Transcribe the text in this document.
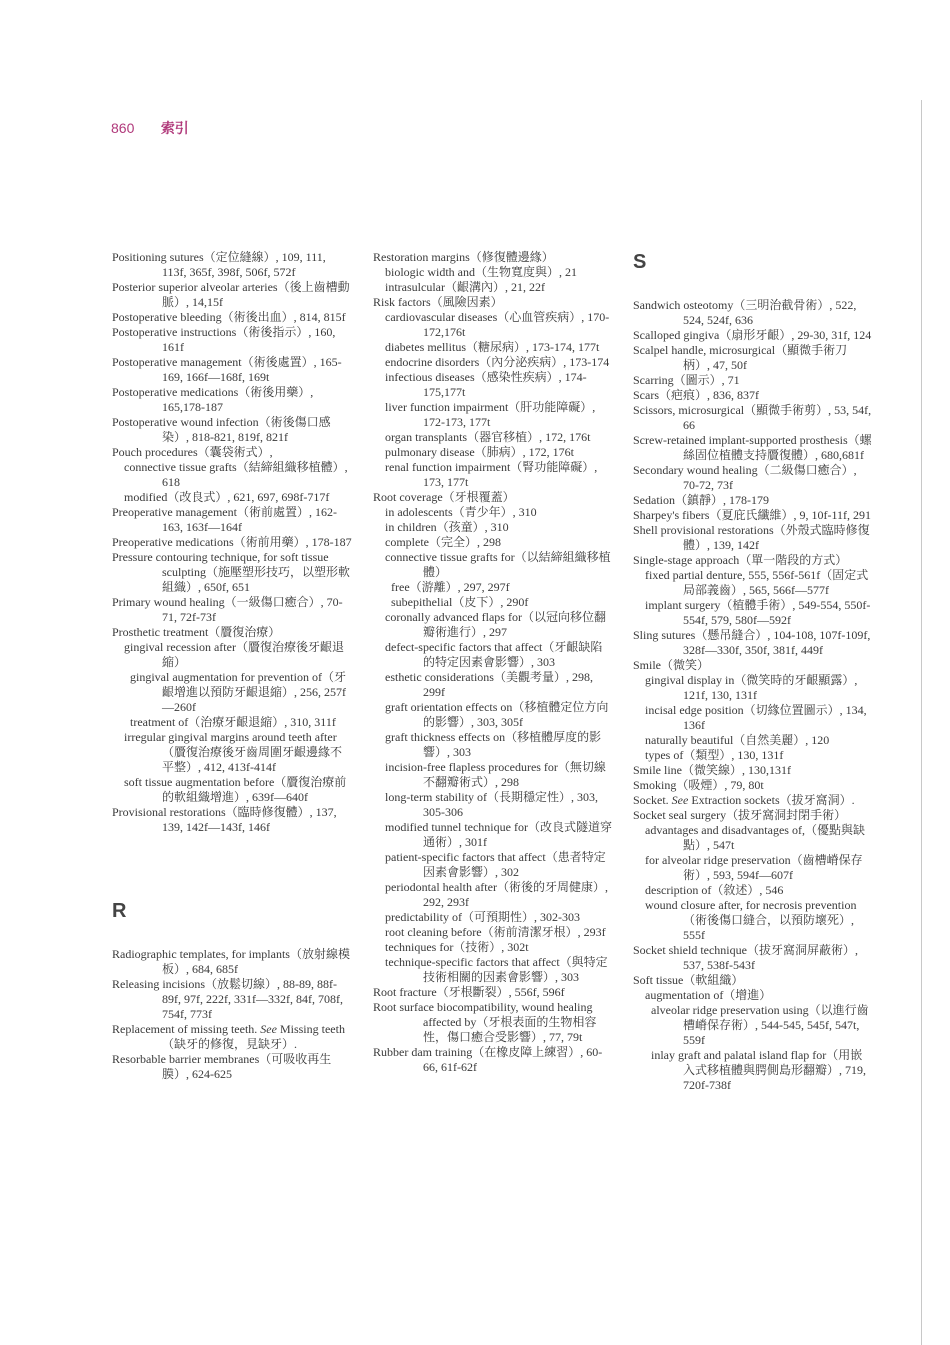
860 索引

Positioning sutures（定位縫線）, 109, 111, 113f, 365f, 398f, 506f, 572f

Posterior superior alveolar arteries（後上齒槽動脈）, 14,15f

Postoperative bleeding（術後出血）, 814, 815f

Postoperative instructions（術後指示）, 160, 161f

Postoperative management（術後處置）, 165-169, 166f—168f, 169t

Postoperative medications（術後用藥）, 165,178-187

Postoperative wound infection（術後傷口感染）, 818-821, 819f, 821f

Pouch procedures（囊袋術式）,

connective tissue grafts（結締組織移植體）, 618

modified（改良式）, 621, 697, 698f-717f

Preoperative management（術前處置）, 162-163, 163f—164f

Preoperative medications（術前用藥）, 178-187

Pressure contouring technique, for soft tissue sculpting（施壓塑形技巧，以塑形軟組織）, 650f, 651

Primary wound healing（一級傷口癒合）, 70-71, 72f-73f

Prosthetic treatment（贗復治療）

gingival recession after（贗復治療後牙齦退縮）

gingival augmentation for prevention of（牙齦增進以預防牙齦退縮）, 256, 257f—260f

treatment of（治療牙齦退縮）, 310, 311f

irregular gingival margins around teeth after（贗復治療後牙齒周圍牙齦邊緣不平整）, 412, 413f-414f

soft tissue augmentation before（贗復治療前的軟組織增進）, 639f—640f

Provisional restorations（臨時修復體）, 137, 139, 142f—143f, 146f

R

Radiographic templates, for implants（放射線模板）, 684, 685f

Releasing incisions（放鬆切線）, 88-89, 88f-89f, 97f, 222f, 331f—332f, 84f, 708f, 754f, 773f

Replacement of missing teeth. See Missing teeth（缺牙的修復，見缺牙）.

Resorbable barrier membranes（可吸收再生膜）, 624-625

Restoration margins（修復體邊緣）

biologic width and（生物寬度與）, 21

intrasulcular（齦溝內）, 21, 22f

Risk factors（風險因素）

cardiovascular diseases（心血管疾病）, 170-172,176t

diabetes mellitus（糖尿病）, 173-174, 177t

endocrine disorders（內分泌疾病）, 173-174

infectious diseases（感染性疾病）, 174-175,177t

liver function impairment（肝功能障礙）, 172-173, 177t

organ transplants（器官移植）, 172, 176t

pulmonary disease（肺病）, 172, 176t

renal function impairment（腎功能障礙）, 173, 177t

Root coverage（牙根覆蓋）

in adolescents（青少年）, 310

in children（孩童）, 310

complete（完全）, 298

connective tissue grafts for（以結締組織移植體）

free（游離）, 297, 297f

subepithelial（皮下）, 290f

coronally advanced flaps for（以冠向移位翻瓣術進行）, 297

defect-specific factors that affect（牙齦缺陷的特定因素會影響）, 303

esthetic considerations（美觀考量）, 298, 299f

graft orientation effects on（移植體定位方向的影響）, 303, 305f

graft thickness effects on（移植體厚度的影響）, 303

incision-free flapless procedures for（無切線不翻瓣術式）, 298

long-term stability of（長期穩定性）, 303, 305-306

modified tunnel technique for（改良式隧道穿通術）, 301f

patient-specific factors that affect（患者特定因素會影響）, 302

periodontal health after（術後的牙周健康）, 292, 293f

predictability of（可預期性）, 302-303

root cleaning before（術前清潔牙根）, 293f

techniques for（技術）, 302t

technique-specific factors that affect（與特定技術相關的因素會影響）, 303

Root fracture（牙根斷裂）, 556f, 596f

Root surface biocompatibility, wound healing affected by（牙根表面的生物相容性，傷口癒合受影響）, 77, 79t

Rubber dam training（在橡皮障上練習）, 60-66, 61f-62f

S

Sandwich osteotomy（三明治截骨術）, 522, 524, 524f, 636

Scalloped gingiva（扇形牙齦）, 29-30, 31f, 124

Scalpel handle, microsurgical（顯微手術刀柄）, 47, 50f

Scarring（圖示）, 71

Scars（疤痕）, 836, 837f

Scissors, microsurgical（顯微手術剪）, 53, 54f, 66

Screw-retained implant-supported prosthesis（螺絲固位植體支持贗復體）, 680,681f

Secondary wound healing（二級傷口癒合）, 70-72, 73f

Sedation（鎮靜）, 178-179

Sharpey's fibers（夏庇氏纖維）, 9, 10f-11f, 291

Shell provisional restorations（外殼式臨時修復體）, 139, 142f

Single-stage approach（單一階段的方式）

fixed partial denture, 555, 556f-561f（固定式局部義齒）, 565, 566f—577f

implant surgery（植體手術）, 549-554, 550f-554f, 579, 580f—592f

Sling sutures（懸吊縫合）, 104-108, 107f-109f, 328f—330f, 350f, 381f, 449f

Smile（微笑）

gingival display in（微笑時的牙齦顯露）, 121f, 130, 131f

incisal edge position（切緣位置圖示）, 134, 136f

naturally beautiful（自然美麗）, 120

types of（類型）, 130, 131f

Smile line（微笑線）, 130,131f

Smoking（吸煙）, 79, 80t

Socket. See Extraction sockets（拔牙窩洞）.

Socket seal surgery（拔牙窩洞封閉手術）

advantages and disadvantages of,（優點與缺點）, 547t

for alveolar ridge preservation（齒槽嵴保存術）, 593, 594f—607f

description of（敘述）, 546

wound closure after, for necrosis prevention（術後傷口縫合，以預防壞死）, 555f

Socket shield technique（拔牙窩洞屏蔽術）, 537, 538f-543f

Soft tissue（軟組織）

augmentation of（增進）

alveolar ridge preservation using（以進行齒槽嵴保存術）, 544-545, 545f, 547t, 559f

inlay graft and palatal island flap for（用嵌入式移植體與腭側島形翻瓣）, 719, 720f-738f
